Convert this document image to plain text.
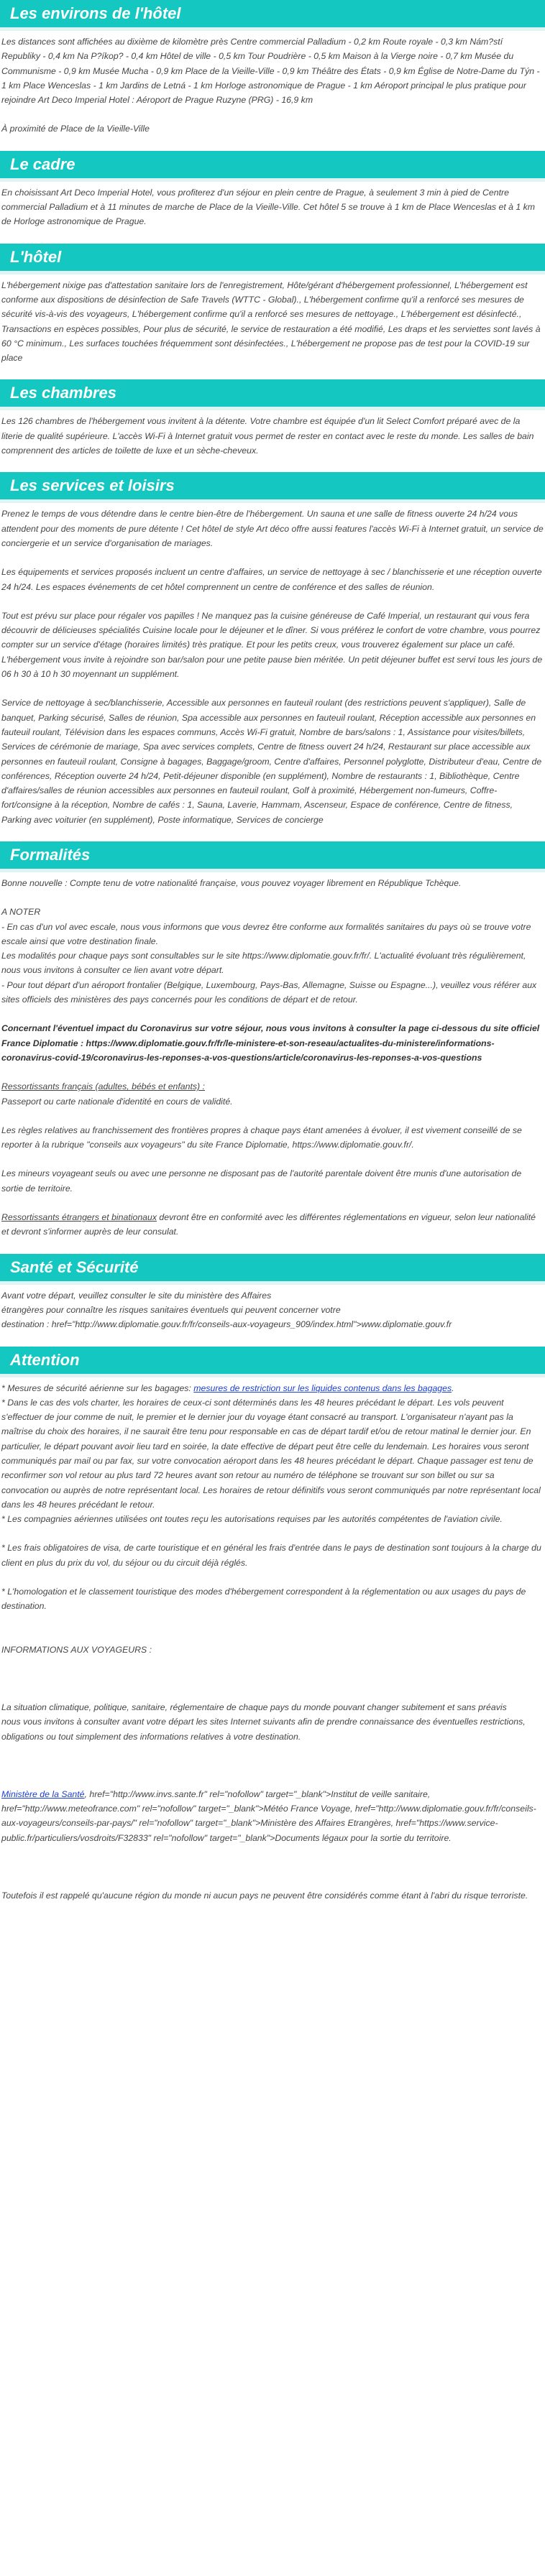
Les environs de l'hôtel

Les distances sont affichées au dixième de kilomètre près Centre commercial Palladium - 0,2 km Route royale - 0,3 km Nám?stí Republiky - 0,4 km Na P?íkop? - 0,4 km Hôtel de ville - 0,5 km Tour Poudrière - 0,5 km Maison à la Vierge noire - 0,7 km Musée du Communisme - 0,9 km Musée Mucha - 0,9 km Place de la Vieille-Ville - 0,9 km Théâtre des États - 0,9 km Église de Notre-Dame du Týn - 1 km Place Wenceslas - 1 km Jardins de Letná - 1 km Horloge astronomique de Prague - 1 km Aéroport principal le plus pratique pour rejoindre Art Deco Imperial Hotel : Aéroport de Prague Ruzyne (PRG) - 16,9 km

À proximité de Place de la Vieille-Ville

Le cadre

En choisissant Art Deco Imperial Hotel, vous profiterez d'un séjour en plein centre de Prague, à seulement 3 min à pied de Centre commercial Palladium et à 11 minutes de marche de Place de la Vieille-Ville. Cet hôtel 5 se trouve à 1 km de Place Wenceslas et à 1 km de Horloge astronomique de Prague.

L'hôtel

L'hébergement nixige pas d'attestation sanitaire lors de l'enregistrement, Hôte/gérant d'hébergement professionnel, L'hébergement est conforme aux dispositions de désinfection de Safe Travels (WTTC - Global)., L'hébergement confirme qu'il a renforcé ses mesures de sécurité vis-à-vis des voyageurs, L'hébergement confirme qu'il a renforcé ses mesures de nettoyage., L'hébergement est désinfecté., Transactions en espèces possibles, Pour plus de sécurité, le service de restauration a été modifié, Les draps et les serviettes sont lavés à 60 °C minimum., Les surfaces touchées fréquemment sont désinfectées., L'hébergement ne propose pas de test pour la COVID-19 sur place

Les chambres

Les 126 chambres de l'hébergement vous invitent à la détente. Votre chambre est équipée d'un lit Select Comfort préparé avec de la literie de qualité supérieure. L'accès Wi-Fi à Internet gratuit vous permet de rester en contact avec le reste du monde. Les salles de bain comprennent des articles de toilette de luxe et un sèche-cheveux.

Les services et loisirs

Prenez le temps de vous détendre dans le centre bien-être de l'hébergement. Un sauna et une salle de fitness ouverte 24 h/24 vous attendent pour des moments de pure détente ! Cet hôtel de style Art déco offre aussi features l'accès Wi-Fi à Internet gratuit, un service de conciergerie et un service d'organisation de mariages.

Les équipements et services proposés incluent un centre d'affaires, un service de nettoyage à sec / blanchisserie et une réception ouverte 24 h/24. Les espaces événements de cet hôtel comprennent un centre de conférence et des salles de réunion.

Tout est prévu sur place pour régaler vos papilles ! Ne manquez pas la cuisine généreuse de Café Imperial, un restaurant qui vous fera découvrir de délicieuses spécialités Cuisine locale pour le déjeuner et le dîner. Si vous préférez le confort de votre chambre, vous pourrez compter sur un service d'étage (horaires limités) très pratique. Et pour les petits creux, vous trouverez également sur place un café. L'hébergement vous invite à rejoindre son bar/salon pour une petite pause bien méritée. Un petit déjeuner buffet est servi tous les jours de 06 h 30 à 10 h 30 moyennant un supplément.

Service de nettoyage à sec/blanchisserie, Accessible aux personnes en fauteuil roulant (des restrictions peuvent s'appliquer), Salle de banquet, Parking sécurisé, Salles de réunion, Spa accessible aux personnes en fauteuil roulant, Réception accessible aux personnes en fauteuil roulant, Télévision dans les espaces communs, Accès Wi-Fi gratuit, Nombre de bars/salons : 1, Assistance pour visites/billets, Services de cérémonie de mariage, Spa avec services complets, Centre de fitness ouvert 24 h/24, Restaurant sur place accessible aux personnes en fauteuil roulant, Consigne à bagages, Baggage/groom, Centre d'affaires, Personnel polyglotte, Distributeur d'eau, Centre de conférences, Réception ouverte 24 h/24, Petit-déjeuner disponible (en supplément), Nombre de restaurants : 1, Bibliothèque, Centre d'affaires/salles de réunion accessibles aux personnes en fauteuil roulant, Golf à proximité, Hébergement non-fumeurs, Coffre-fort/consigne à la réception, Nombre de cafés : 1, Sauna, Laverie, Hammam, Ascenseur, Espace de conférence, Centre de fitness, Parking avec voiturier (en supplément), Poste informatique, Services de concierge

Formalités

Bonne nouvelle : Compte tenu de votre nationalité française, vous pouvez voyager librement en République Tchèque.

A NOTER

- En cas d'un vol avec escale, nous vous informons que vous devrez être conforme aux formalités sanitaires du pays où se trouve votre escale ainsi que votre destination finale.

Les modalités pour chaque pays sont consultables sur le site https://www.diplomatie.gouv.fr/fr/. L'actualité évoluant très régulièrement, nous vous invitons à consulter ce lien avant votre départ.

- Pour tout départ d'un aéroport frontalier (Belgique, Luxembourg, Pays-Bas, Allemagne, Suisse ou Espagne...), veuillez vous référer aux sites officiels des ministères des pays concernés pour les conditions de départ et de retour.

Concernant l'éventuel impact du Coronavirus sur votre séjour, nous vous invitons à consulter la page ci-dessous du site officiel France Diplomatie : https://www.diplomatie.gouv.fr/fr/le-ministere-et-son-reseau/actualites-du-ministere/informations-coronavirus-covid-19/coronavirus-les-reponses-a-vos-questions/article/coronavirus-les-reponses-a-vos-questions

Ressortissants français (adultes, bébés et enfants) :

Passeport ou carte nationale d'identité en cours de validité.

Les règles relatives au franchissement des frontières propres à chaque pays étant amenées à évoluer, il est vivement conseillé de se reporter à la rubrique "conseils aux voyageurs" du site France Diplomatie, https://www.diplomatie.gouv.fr/.

Les mineurs voyageant seuls ou avec une personne ne disposant pas de l'autorité parentale doivent être munis d'une autorisation de sortie de territoire.

Ressortissants étrangers et binationaux devront être en conformité avec les différentes réglementations en vigueur, selon leur nationalité et devront s'informer auprès de leur consulat.

Santé et Sécurité

Avant votre départ, veuillez consulter le site du ministère des Affaires

étrangères pour connaître les risques sanitaires éventuels qui peuvent concerner votre

destination : href="http://www.diplomatie.gouv.fr/fr/conseils-aux-voyageurs_909/index.html">www.diplomatie.gouv.fr

Attention

* Mesures de sécurité aérienne sur les bagages: mesures de restriction sur les liquides contenus dans les bagages.

* Dans le cas des vols charter, les horaires de ceux-ci sont déterminés dans les 48 heures précédant le départ. Les vols peuvent s'effectuer de jour comme de nuit, le premier et le dernier jour du voyage étant consacré au transport. L'organisateur n'ayant pas la maîtrise du choix des horaires, il ne saurait être tenu pour responsable en cas de départ tardif et/ou de retour matinal le dernier jour. En particulier, le départ pouvant avoir lieu tard en soirée, la date effective de départ peut être celle du lendemain. Les horaires vous seront communiqués par mail ou par fax, sur votre convocation aéroport dans les 48 heures précédant le départ. Chaque passager est tenu de reconfirmer son vol retour au plus tard 72 heures avant son retour au numéro de téléphone se trouvant sur son billet ou sur sa convocation ou auprès de notre représentant local. Les horaires de retour définitifs vous seront communiqués par notre représentant local dans les 48 heures précédant le retour.

* Les compagnies aériennes utilisées ont toutes reçu les autorisations requises par les autorités compétentes de l'aviation civile.

* Les frais obligatoires de visa, de carte touristique et en général les frais d'entrée dans le pays de destination sont toujours à la charge du client en plus du prix du vol, du séjour ou du circuit déjà réglés.

* L'homologation et le classement touristique des modes d'hébergement correspondent à la réglementation ou aux usages du pays de destination.

INFORMATIONS AUX VOYAGEURS :

La situation climatique, politique, sanitaire, réglementaire de chaque pays du monde pouvant changer subitement et sans préavis

nous vous invitons à consulter avant votre départ les sites Internet suivants afin de prendre connaissance des éventuelles restrictions, obligations ou tout simplement des informations relatives à votre destination.

Ministère de la Santé, href="http://www.invs.sante.fr" rel="nofollow" target="_blank">Institut de veille sanitaire, href="http://www.meteofrance.com" rel="nofollow" target="_blank">Météo France Voyage, href="http://www.diplomatie.gouv.fr/fr/conseils-aux-voyageurs/conseils-par-pays/" rel="nofollow" target="_blank">Ministère des Affaires Etrangères, href="https://www.service-public.fr/particuliers/vosdroits/F32833" rel="nofollow" target="_blank">Documents légaux pour la sortie du territoire.

Toutefois il est rappelé qu'aucune région du monde ni aucun pays ne peuvent être considérés comme étant à l'abri du risque terroriste.
